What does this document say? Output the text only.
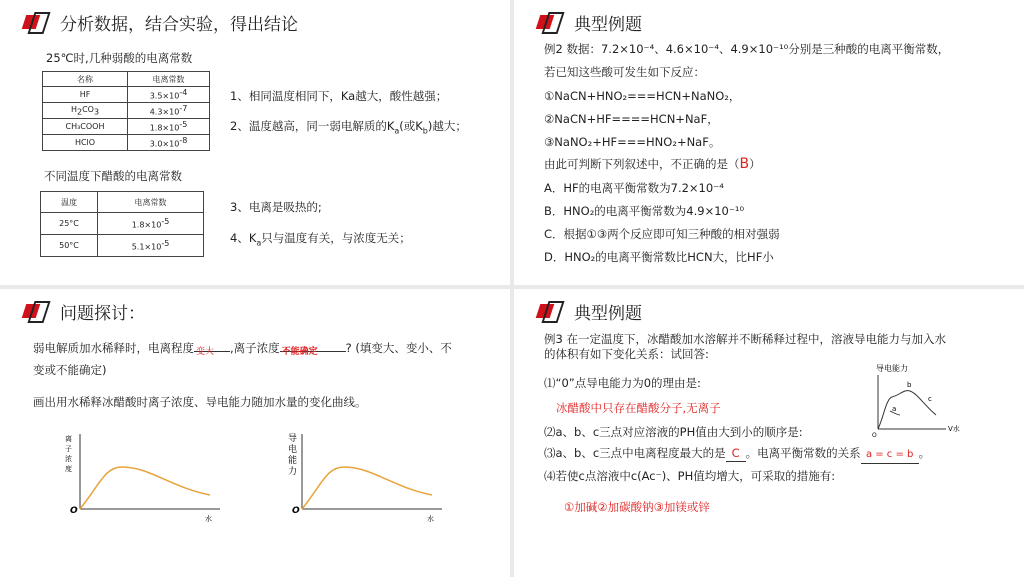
分析数据，结合实验，得出结论
25℃时,几种弱酸的电离常数
名称	电离常数
HF	3.5×10-4
H2CO3	4.3×10-7
CH₃COOH	1.8×10-5
HClO	3.0×10-8
不同温度下醋酸的电离常数
温度	电离常数
25°C	1.8×10-5
50°C	5.1×10-5
1、相同温度相同下，Ka越大，酸性越强；
2、温度越高，同一弱电解质的$K_a$(或$K_b$)越大；
3、电离是吸热的;
4、$K_a$只与温度有关，与浓度无关；
典型例题
例2 数据：7.2×10⁻⁴、4.6×10⁻⁴、4.9×10⁻¹⁰分别是三种酸的电离平衡常数，
若已知这些酸可发生如下反应：
①NaCN+HNO₂===HCN+NaNO₂，
②NaCN+HF====HCN+NaF，
③NaNO₂+HF===HNO₂+NaF。
由此可判断下列叙述中，不正确的是（B）
A．HF的电离平衡常数为7.2×10⁻⁴
B．HNO₂的电离平衡常数为4.9×10⁻¹⁰
C．根据①③两个反应即可知三种酸的相对强弱
D．HNO₂的电离平衡常数比HCN大，比HF小
问题探讨：
弱电解质加水稀释时，电离程度 变大 ,离子浓度 不能确定 ? (填变大、变小、不
变或不能确定)
画出用水稀释冰醋酸时离子浓度、导电能力随加水量的变化曲线。
离
子
浓
度
O
水
导
电
能
力
O
水
典型例题
例3 在一定温度下，冰醋酸加水溶解并不断稀释过程中，溶液导电能力与加入水
的体积有如下变化关系：试回答:
⑴“0”点导电能力为0的理由是:
冰醋酸中只存在醋酸分子,无离子
⑵a、b、c三点对应溶液的PH值由大到小的顺序是:
⑶a、b、c三点中电离程度最大的是 C 。电离平衡常数的关系 a = c = b 。
⑷若使c点溶液中c(Ac⁻)、PH值均增大，可采取的措施有:
①加碱②加碳酸钠③加镁或锌
导电能力
a
b
c
O
V水
